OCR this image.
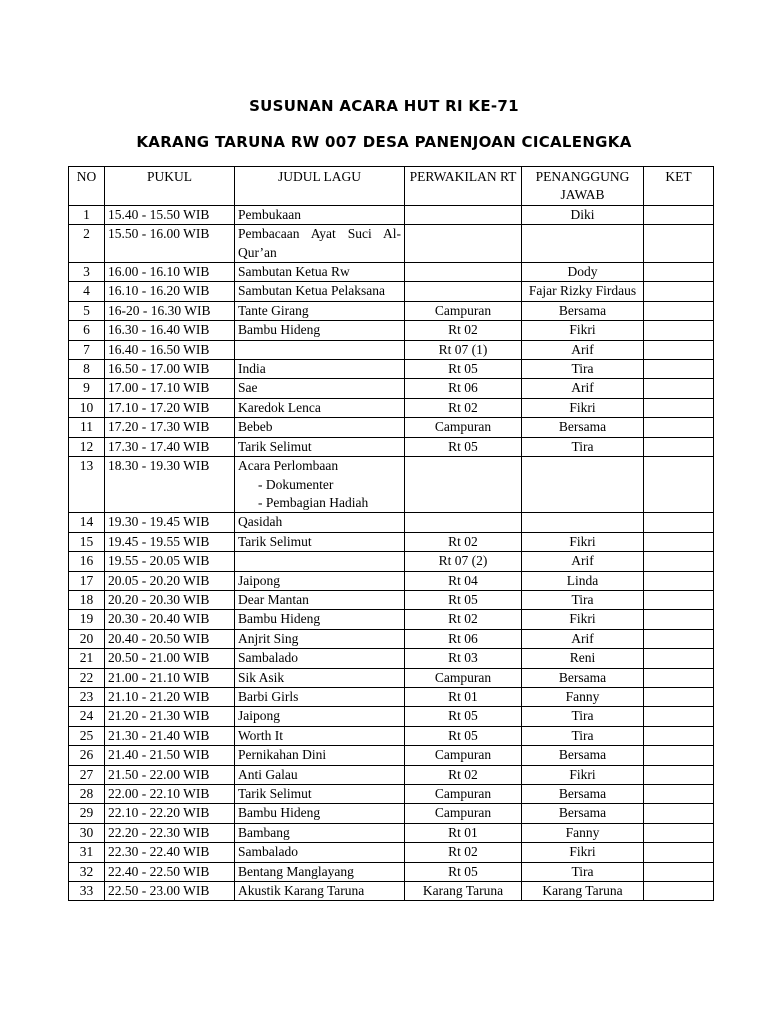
SUSUNAN ACARA HUT RI KE-71
KARANG TARUNA RW 007 DESA PANENJOAN CICALENGKA
NO	PUKUL	JUDUL LAGU	PERWAKILAN RT	PENANGGUNG JAWAB	KET
1	15.40 - 15.50 WIB	Pembukaan		Diki	
2	15.50 - 16.00 WIB	Pembacaan Ayat Suci Al-Qur’an			
3	16.00 - 16.10 WIB	Sambutan Ketua Rw		Dody	
4	16.10 - 16.20 WIB	Sambutan Ketua Pelaksana		Fajar Rizky Firdaus	
5	16-20 - 16.30 WIB	Tante Girang	Campuran	Bersama	
6	16.30 - 16.40 WIB	Bambu Hideng	Rt 02	Fikri	
7	16.40 - 16.50 WIB		Rt 07 (1)	Arif	
8	16.50 - 17.00 WIB	India	Rt 05	Tira	
9	17.00 - 17.10 WIB	Sae	Rt 06	Arif	
10	17.10 - 17.20 WIB	Karedok Lenca	Rt 02	Fikri	
11	17.20 - 17.30 WIB	Bebeb	Campuran	Bersama	
12	17.30 - 17.40 WIB	Tarik Selimut	Rt 05	Tira	
13	18.30 - 19.30 WIB	Acara Perlombaan
- Dokumenter
- Pembagian Hadiah			

14	19.30 - 19.45 WIB	Qasidah			
15	19.45 - 19.55 WIB	Tarik Selimut	Rt 02	Fikri	
16	19.55 - 20.05 WIB		Rt 07 (2)	Arif	
17	20.05 - 20.20 WIB	Jaipong	Rt 04	Linda	
18	20.20 - 20.30 WIB	Dear Mantan	Rt 05	Tira	
19	20.30 - 20.40 WIB	Bambu Hideng	Rt 02	Fikri	
20	20.40 - 20.50 WIB	Anjrit Sing	Rt 06	Arif	
21	20.50 - 21.00 WIB	Sambalado	Rt 03	Reni	
22	21.00 - 21.10 WIB	Sik Asik	Campuran	Bersama	
23	21.10 - 21.20 WIB	Barbi Girls	Rt 01	Fanny	
24	21.20 - 21.30 WIB	Jaipong	Rt 05	Tira	
25	21.30 - 21.40 WIB	Worth It	Rt 05	Tira	
26	21.40 - 21.50 WIB	Pernikahan Dini	Campuran	Bersama	
27	21.50 - 22.00 WIB	Anti Galau	Rt 02	Fikri	
28	22.00 - 22.10 WIB	Tarik Selimut	Campuran	Bersama	
29	22.10 - 22.20 WIB	Bambu Hideng	Campuran	Bersama	
30	22.20 - 22.30 WIB	Bambang	Rt 01	Fanny	
31	22.30 - 22.40 WIB	Sambalado	Rt 02	Fikri	
32	22.40 - 22.50 WIB	Bentang Manglayang	Rt 05	Tira	
33	22.50 - 23.00 WIB	Akustik Karang Taruna	Karang Taruna	Karang Taruna	
